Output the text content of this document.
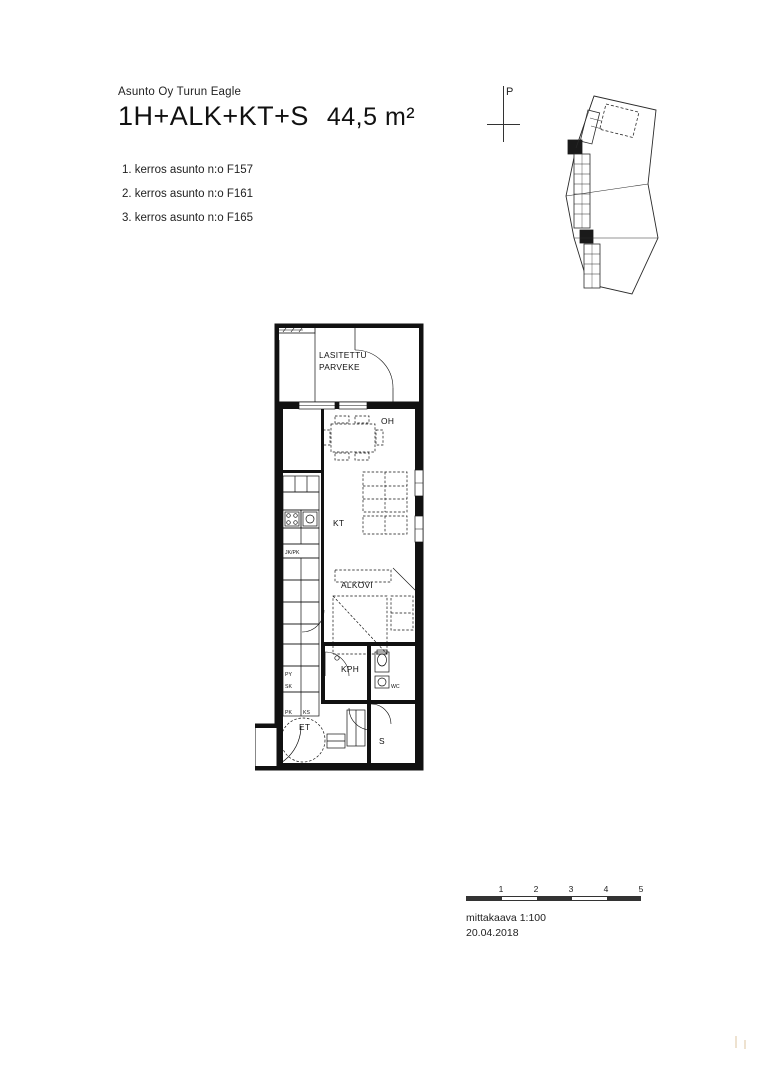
Asunto Oy Turun Eagle

1H+ALK+KT+S 44,5 m²
1. kerros asunto n:o F157
2. kerros asunto n:o F161
3. kerros asunto n:o F165
P
LASITETTU
PARVEKE
OH
KT
JK/PK
PY
SK
PK KS
ALKOVI
KPH
WC
S
ET
1	2	3	4	5
mittakaava 1:100
20.04.2018
